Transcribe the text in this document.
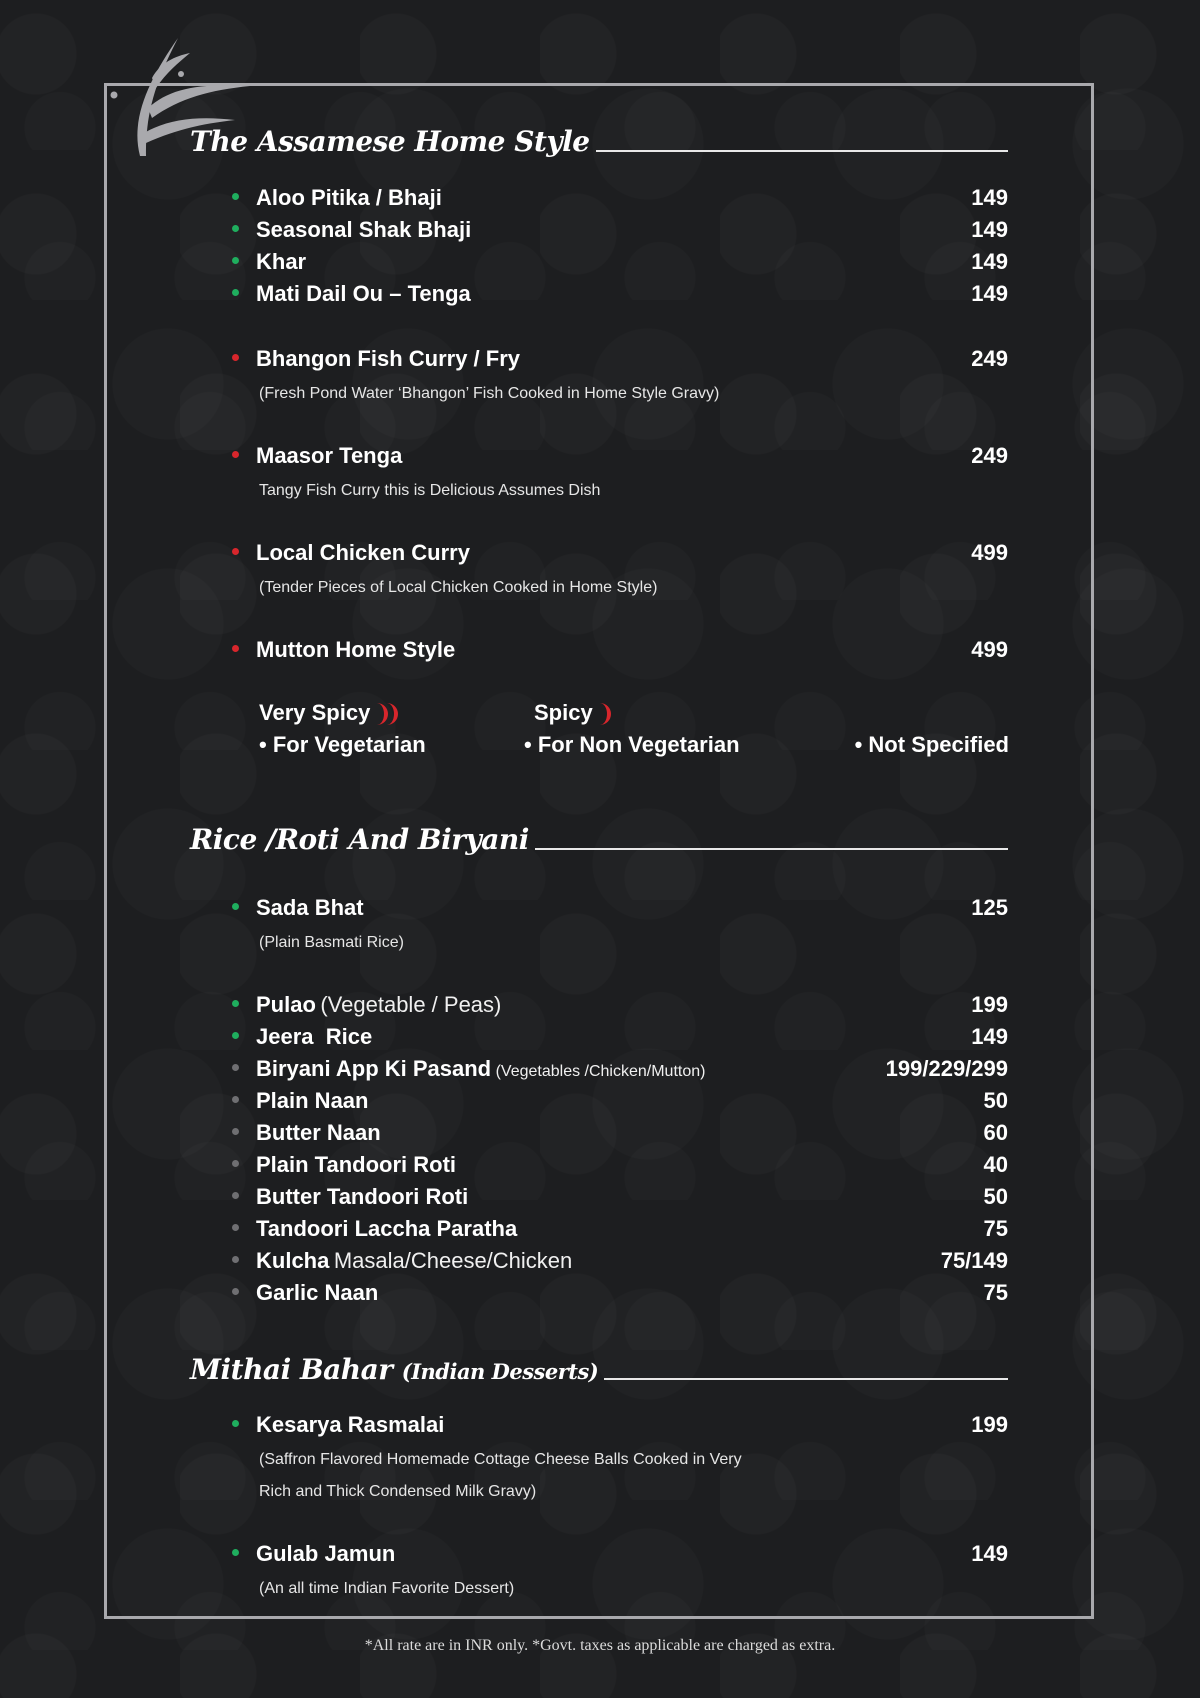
The Assamese Home Style
Aloo Pitika / Bhaji	149
Seasonal Shak Bhaji	149
Khar	149
Mati Dail Ou – Tenga	149
Bhangon Fish Curry / Fry	249
(Fresh Pond Water ‘Bhangon’ Fish Cooked in Home Style Gravy)
Maasor Tenga	249
Tangy Fish Curry this is Delicious Assumes Dish
Local Chicken Curry	499
(Tender Pieces of Local Chicken Cooked in Home Style)
Mutton Home Style	499
Very Spicy	Spicy
• For Vegetarian	• For Non Vegetarian	• Not Specified
Rice /Roti And Biryani
Sada Bhat	125
(Plain Basmati Rice)
Pulao
(Vegetable / Peas)	199
Jeera  Rice	149
Biryani App Ki Pasand
(Vegetables /Chicken/Mutton)	199/229/299
Plain Naan	50
Butter Naan	60
Plain Tandoori Roti	40
Butter Tandoori Roti	50
Tandoori Laccha Paratha	75
Kulcha
Masala/Cheese/Chicken	75/149
Garlic Naan	75
Mithai Bahar (Indian Desserts)
Kesarya Rasmalai	199
(Saffron Flavored Homemade Cottage Cheese Balls Cooked in Very
Rich and Thick Condensed Milk Gravy)
Gulab Jamun	149
(An all time Indian Favorite Dessert)
*All rate are in INR only. *Govt. taxes as applicable are charged as extra.
